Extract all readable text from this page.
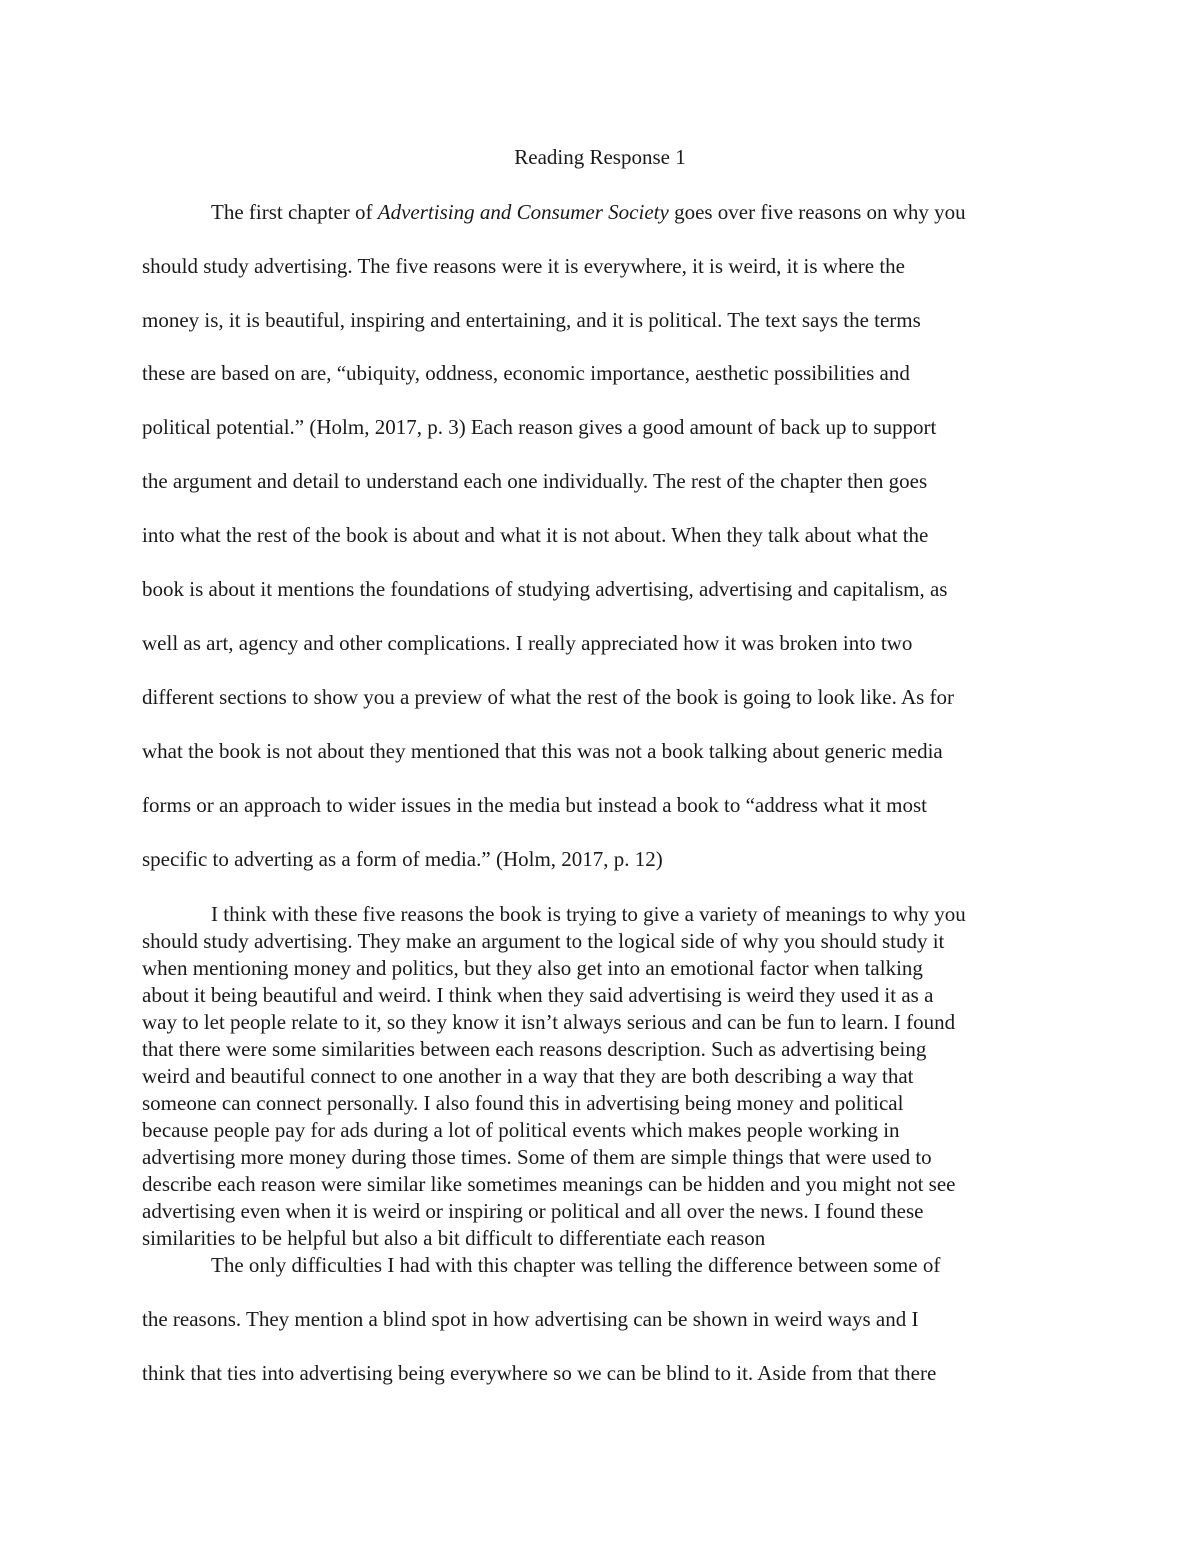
Reading Response 1

The first chapter of Advertising and Consumer Society goes over five reasons on why you

should study advertising. The five reasons were it is everywhere, it is weird, it is where the

money is, it is beautiful, inspiring and entertaining, and it is political. The text says the terms

these are based on are, “ubiquity, oddness, economic importance, aesthetic possibilities and

political potential.” (Holm, 2017, p. 3) Each reason gives a good amount of back up to support

the argument and detail to understand each one individually. The rest of the chapter then goes

into what the rest of the book is about and what it is not about. When they talk about what the

book is about it mentions the foundations of studying advertising, advertising and capitalism, as

well as art, agency and other complications. I really appreciated how it was broken into two

different sections to show you a preview of what the rest of the book is going to look like. As for

what the book is not about they mentioned that this was not a book talking about generic media

forms or an approach to wider issues in the media but instead a book to “address what it most

specific to adverting as a form of media.” (Holm, 2017, p. 12)

I think with these five reasons the book is trying to give a variety of meanings to why you

should study advertising. They make an argument to the logical side of why you should study it

when mentioning money and politics, but they also get into an emotional factor when talking

about it being beautiful and weird. I think when they said advertising is weird they used it as a

way to let people relate to it, so they know it isn’t always serious and can be fun to learn. I found

that there were some similarities between each reasons description. Such as advertising being

weird and beautiful connect to one another in a way that they are both describing a way that

someone can connect personally. I also found this in advertising being money and political

because people pay for ads during a lot of political events which makes people working in

advertising more money during those times. Some of them are simple things that were used to

describe each reason were similar like sometimes meanings can be hidden and you might not see

advertising even when it is weird or inspiring or political and all over the news. I found these

similarities to be helpful but also a bit difficult to differentiate each reason

The only difficulties I had with this chapter was telling the difference between some of

the reasons. They mention a blind spot in how advertising can be shown in weird ways and I

think that ties into advertising being everywhere so we can be blind to it. Aside from that there
